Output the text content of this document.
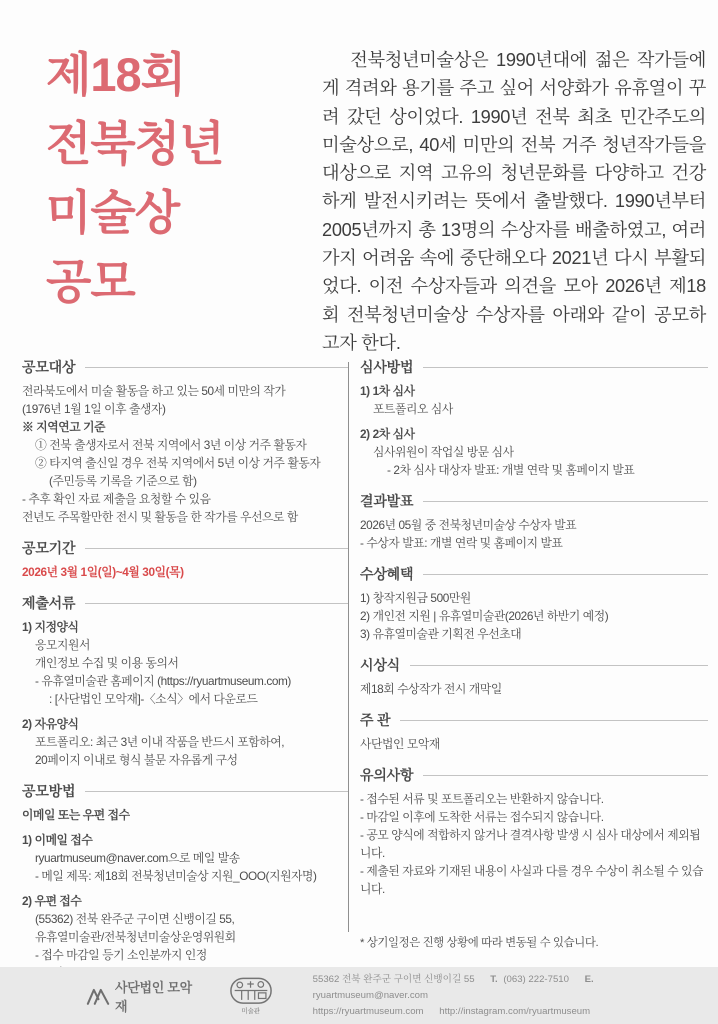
제18회
전북청년
미술상
공모
전북청년미술상은 1990년대에 젊은 작가들에게 격려와 용기를 주고 싶어 서양화가 유휴열이 꾸려 갔던 상이었다. 1990년 전북 최초 민간주도의 미술상으로, 40세 미만의 전북 거주 청년작가들을 대상으로 지역 고유의 청년문화를 다양하고 건강하게 발전시키려는 뜻에서 출발했다. 1990년부터 2005년까지 총 13명의 수상자를 배출하였고, 여러 가지 어려움 속에 중단해오다 2021년 다시 부활되었다. 이전 수상자들과 의견을 모아 2026년 제18회 전북청년미술상 수상자를 아래와 같이 공모하고자 한다.
공모대상
전라북도에서 미술 활동을 하고 있는 50세 미만의 작가
(1976년 1월 1일 이후 출생자)
※ 지역연고 기준
① 전북 출생자로서 전북 지역에서 3년 이상 거주 활동자
② 타지역 출신일 경우 전북 지역에서 5년 이상 거주 활동자
(주민등록 기록을 기준으로 함)
- 추후 확인 자료 제출을 요청할 수 있음
전년도 주목할만한 전시 및 활동을 한 작가를 우선으로 함
공모기간
2026년 3월 1일(일)~4월 30일(목)
제출서류
1) 지정양식
응모지원서
개인정보 수집 및 이용 동의서
- 유휴열미술관 홈페이지 (https://ryuartmuseum.com)
: [사단법인 모악재]-〈소식〉에서 다운로드
2) 자유양식
포트폴리오: 최근 3년 이내 작품을 반드시 포함하여,
20페이지 이내로 형식 불문 자유롭게 구성
공모방법
이메일 또는 우편 접수
1) 이메일 접수
ryuartmuseum@naver.com으로 메일 발송
- 메일 제목: 제18회 전북청년미술상 지원_OOO(지원자명)
2) 우편 접수
(55362) 전북 완주군 구이면 신뱅이길 55,
유휴열미술관/전북청년미술상운영위원회
- 접수 마감일 등기 소인분까지 인정
심사방법
1) 1차 심사
포트폴리오 심사
2) 2차 심사
심사위원이 작업실 방문 심사
- 2차 심사 대상자 발표: 개별 연락 및 홈페이지 발표
결과발표
2026년 05월 중 전북청년미술상 수상자 발표
- 수상자 발표: 개별 연락 및 홈페이지 발표
수상혜택
1) 창작지원금 500만원
2) 개인전 지원 | 유휴열미술관(2026년 하반기 예정)
3) 유휴열미술관 기획전 우선초대
시상식
제18회 수상작가 전시 개막일
주 관
사단법인 모악재
유의사항
- 접수된 서류 및 포트폴리오는 반환하지 않습니다.
- 마감일 이후에 도착한 서류는 접수되지 않습니다.
- 공모 양식에 적합하지 않거나 결격사항 발생 시 심사 대상에서 제외됩니다.
- 제출된 자료와 기재된 내용이 사실과 다를 경우 수상이 취소될 수 있습니다.
* 상기일정은 진행 상황에 따라 변동될 수 있습니다.
사단법인 모악재	미술관
55362 전북 완주군 구이면 신뱅이길 55 T. (063) 222-7510 E. ryuartmuseum@naver.com
https://ryuartmuseum.com http://instagram.com/ryuartmuseum
